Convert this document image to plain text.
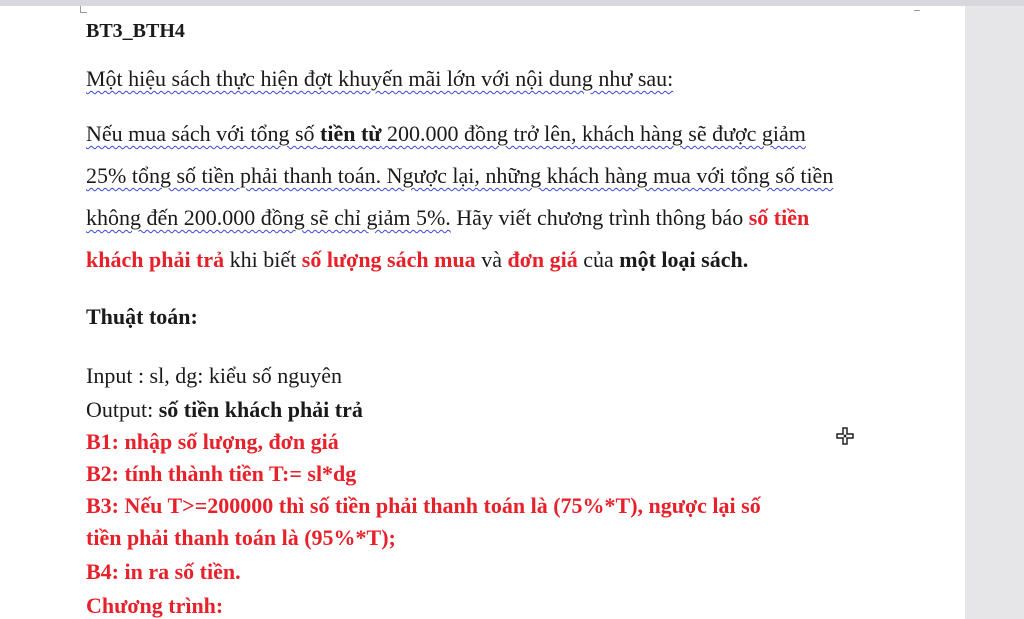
BT3_BTH4
Một hiệu sách thực hiện đợt khuyến mãi lớn với nội dung như sau:
Nếu mua sách với tổng số tiền từ 200.000 đồng trở lên, khách hàng sẽ được giảm
25% tổng số tiền phải thanh toán. Ngược lại, những khách hàng mua với tổng số tiền
không đến 200.000 đồng sẽ chỉ giảm 5%. Hãy viết chương trình thông báo số tiền
khách phải trả khi biết số lượng sách mua và đơn giá của một loại sách.
Thuật toán:
Input : sl, dg: kiểu số nguyên
Output: số tiền khách phải trả
B1: nhập số lượng, đơn giá
B2: tính thành tiền T:= sl*dg
B3: Nếu T>=200000 thì số tiền phải thanh toán là (75%*T), ngược lại số
tiền phải thanh toán là (95%*T);
B4: in ra số tiền.
Chương trình:
